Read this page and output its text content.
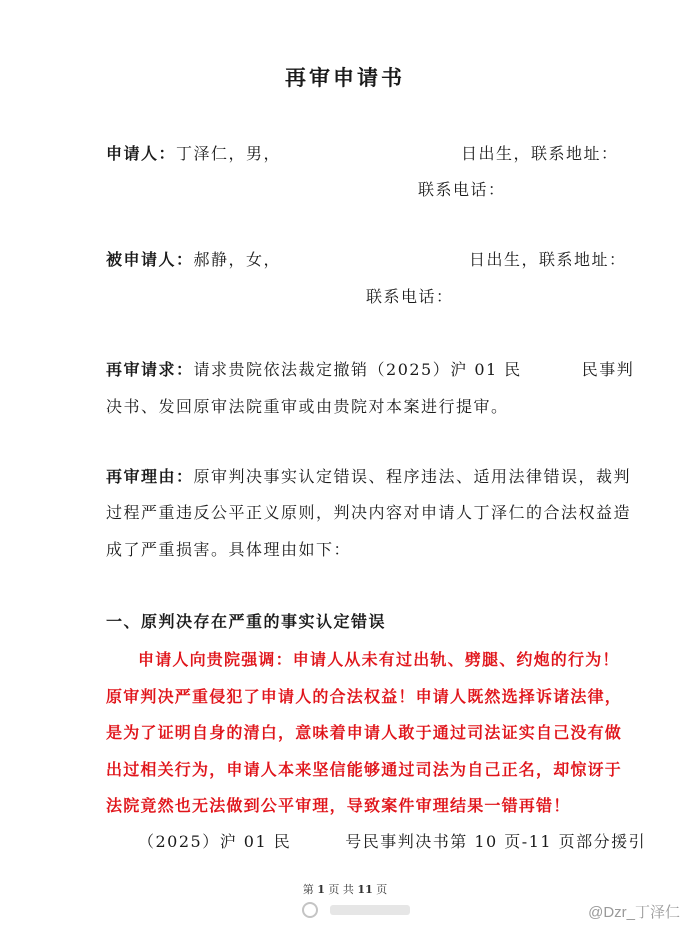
再审申请书
申请人：丁泽仁，男，	日出生，联系地址：
联系电话：
被申请人：郝静，女，	日出生，联系地址：
联系电话：
再审请求：请求贵院依法裁定撤销（2025）沪 01 民	民事判
决书、发回原审法院重审或由贵院对本案进行提审。
再审理由：原审判决事实认定错误、程序违法、适用法律错误，裁判
过程严重违反公平正义原则，判决内容对申请人丁泽仁的合法权益造
成了严重损害。具体理由如下：
一、原判决存在严重的事实认定错误
申请人向贵院强调：申请人从未有过出轨、劈腿、约炮的行为！
原审判决严重侵犯了申请人的合法权益！申请人既然选择诉诸法律，
是为了证明自身的清白，意味着申请人敢于通过司法证实自己没有做
出过相关行为，申请人本来坚信能够通过司法为自己正名，却惊讶于
法院竟然也无法做到公平审理，导致案件审理结果一错再错！
（2025）沪 01 民	号民事判决书第 10 页-11 页部分援引
第 1 页 共 11 页
@Dzr_丁泽仁
